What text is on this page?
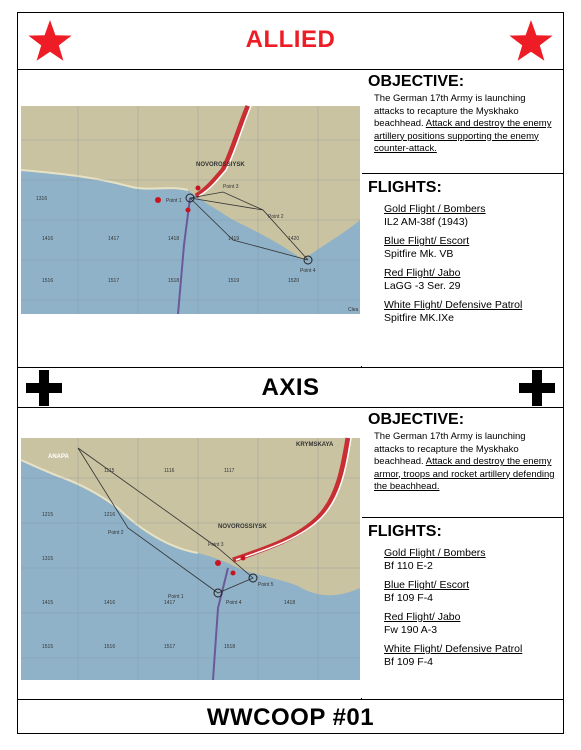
ALLIED
NOVOROSSIYSK
1316
1416	1417	1418	1419	1420
1516	1517	1518	1519	1520
Point 1
Point 2
Point 3
Point 4
Clea
OBJECTIVE:
The German 17th Army is launching attacks to recapture the Myskhako beachhead. Attack and destroy the enemy artillery positions supporting the enemy counter-attack.
FLIGHTS:
Gold Flight / Bombers
IL2 AM-38f (1943)
Blue Flight/ Escort
Spitfire Mk. VB
Red Flight/ Jabo
LaGG -3 Ser. 29
White Flight/ Defensive Patrol
Spitfire MK.IXe
AXIS
KRYMSKAYA
ANAPA
NOVOROSSIYSK
1115	1116	1117
1215	1216
1315
1415	1416	1417	1418
1515	1516	1517	1518
Point 1
Point 2
Point 3
Point 4
Point 5
OBJECTIVE:
The German 17th Army is launching attacks to recapture the Myskhako beachhead. Attack and destroy the enemy armor, troops and rocket artillery defending the beachhead.
FLIGHTS:
Gold Flight / Bombers
Bf 110 E-2
Blue Flight/ Escort
Bf 109 F-4
Red Flight/ Jabo
Fw 190 A-3
White Flight/ Defensive Patrol
Bf 109 F-4
WWCOOP #01
